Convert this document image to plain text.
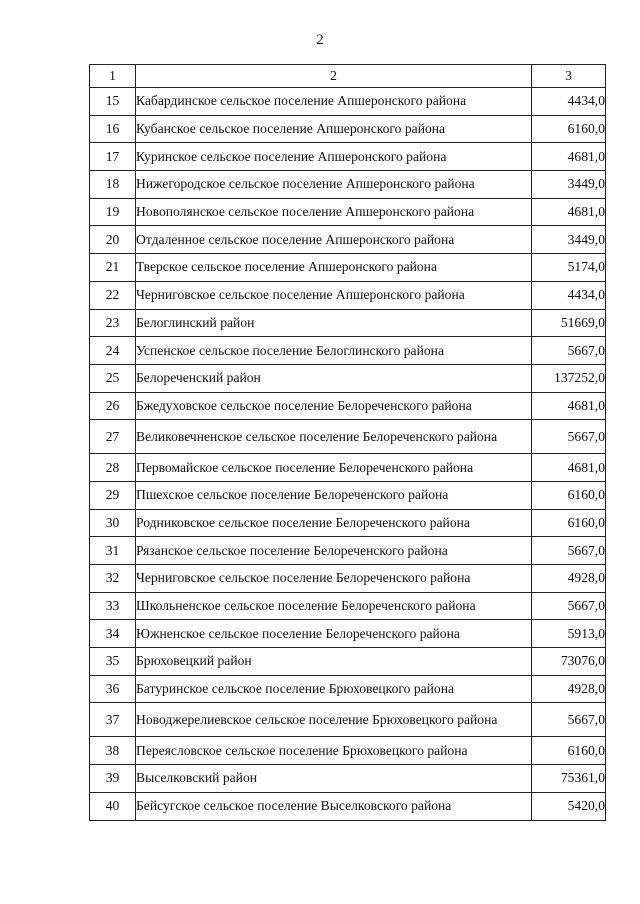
2
1	2	3
15	Кабардинское сельское поселение Апшеронского района	4434,0
16	Кубанское сельское поселение Апшеронского района	6160,0
17	Куринское сельское поселение Апшеронского района	4681,0
18	Нижегородское сельское поселение Апшеронского района	3449,0
19	Новополянское сельское поселение Апшеронского района	4681,0
20	Отдаленное сельское поселение Апшеронского района	3449,0
21	Тверское сельское поселение Апшеронского района	5174,0
22	Черниговское сельское поселение Апшеронского района	4434,0
23	Белоглинский район	51669,0
24	Успенское сельское поселение Белоглинского района	5667,0
25	Белореченский район	137252,0
26	Бжедуховское сельское поселение Белореченского района	4681,0
27	Великовечненское сельское поселение Белореченского района	5667,0
28	Первомайское сельское поселение Белореченского района	4681,0
29	Пшехское сельское поселение Белореченского района	6160,0
30	Родниковское сельское поселение Белореченского района	6160,0
31	Рязанское сельское поселение Белореченского района	5667,0
32	Черниговское сельское поселение Белореченского района	4928,0
33	Школьненское сельское поселение Белореченского района	5667,0
34	Южненское сельское поселение Белореченского района	5913,0
35	Брюховецкий район	73076,0
36	Батуринское сельское поселение Брюховецкого района	4928,0
37	Новоджерелиевское сельское поселение Брюховецкого района	5667,0
38	Переясловское сельское поселение Брюховецкого района	6160,0
39	Выселковский район	75361,0
40	Бейсугское сельское поселение Выселковского района	5420,0
